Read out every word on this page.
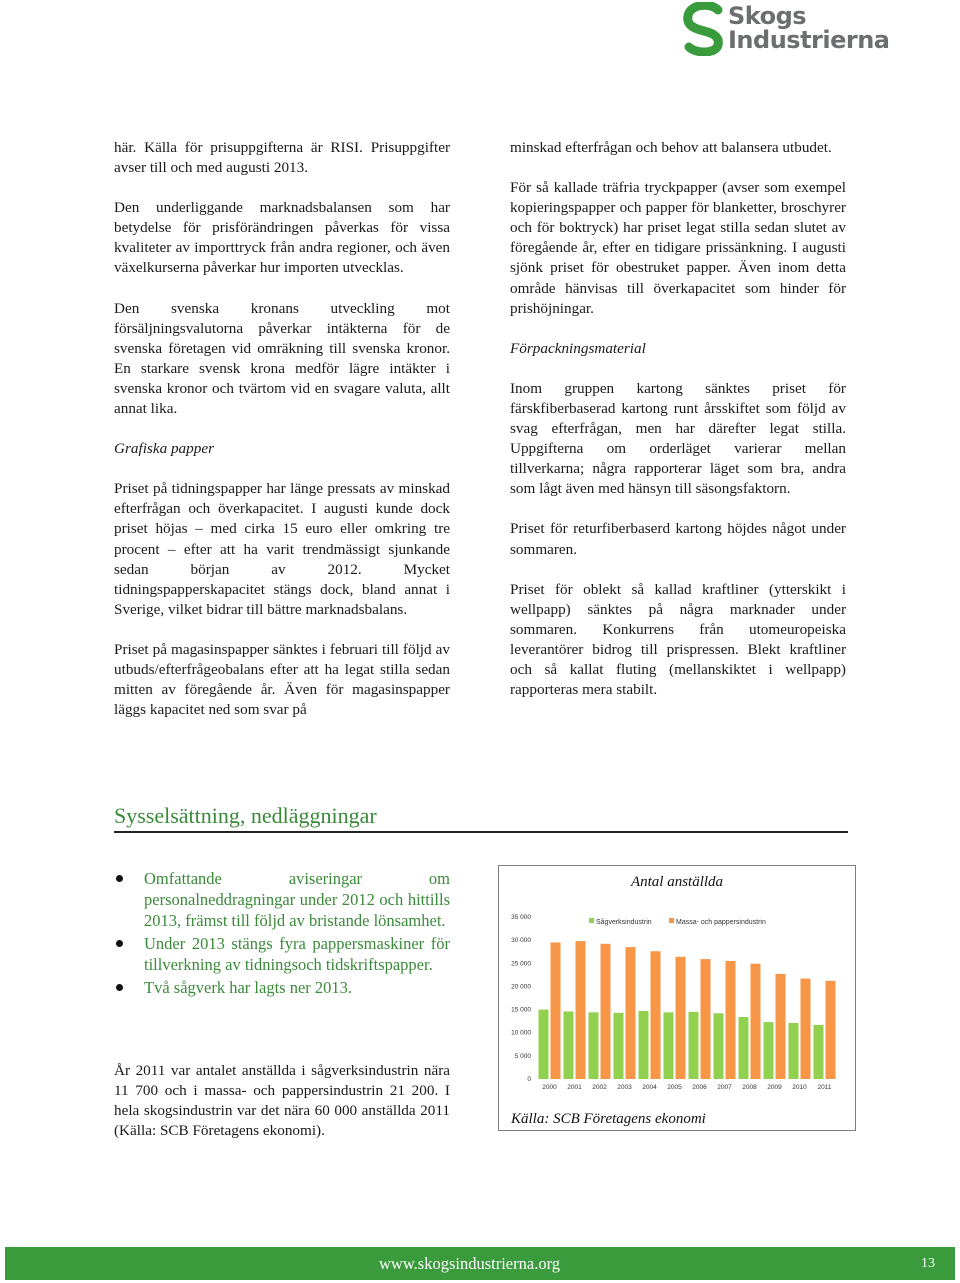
Skogs
Industrierna

här. Källa för prisuppgifterna är RISI. Prisuppgifter avser till och med augusti 2013.

Den underliggande marknadsbalansen som har betydelse för prisförändringen påverkas för vissa kvaliteter av importtryck från andra regioner, och även växelkurserna påverkar hur importen utvecklas.

Den svenska kronans utveckling mot försäljningsvalutorna påverkar intäkterna för de svenska företagen vid omräkning till svenska kronor. En starkare svensk krona medför lägre intäkter i svenska kronor och tvärtom vid en svagare valuta, allt annat lika.

Grafiska papper

Priset på tidningspapper har länge pressats av minskad efterfrågan och överkapacitet. I augusti kunde dock priset höjas – med cirka 15 euro eller omkring tre procent – efter att ha varit trendmässigt sjunkande sedan början av 2012. Mycket tidningspapperskapacitet stängs dock, bland annat i Sverige, vilket bidrar till bättre marknadsbalans.

Priset på magasinspapper sänktes i februari till följd av utbuds/efterfrågeobalans efter att ha legat stilla sedan mitten av föregående år. Även för magasinspapper läggs kapacitet ned som svar på

minskad efterfrågan och behov att balansera utbudet.

För så kallade träfria tryckpapper (avser som exempel kopieringspapper och papper för blanketter, broschyrer och för boktryck) har priset legat stilla sedan slutet av föregående år, efter en tidigare prissänkning. I augusti sjönk priset för obestruket papper. Även inom detta område hänvisas till överkapacitet som hinder för prishöjningar.

Förpackningsmaterial

Inom gruppen kartong sänktes priset för färskfiberbaserad kartong runt årsskiftet som följd av svag efterfrågan, men har därefter legat stilla. Uppgifterna om orderläget varierar mellan tillverkarna; några rapporterar läget som bra, andra som lågt även med hänsyn till säsongsfaktorn.

Priset för returfiberbaserd kartong höjdes något under sommaren.

Priset för oblekt så kallad kraftliner (ytterskikt i wellpapp) sänktes på några marknader under sommaren. Konkurrens från utomeuropeiska leverantörer bidrog till prispressen. Blekt kraftliner och så kallat fluting (mellanskiktet i wellpapp) rapporteras mera stabilt.

Sysselsättning, nedläggningar
Omfattande aviseringar om personalneddragningar under 2012 och hittills 2013, främst till följd av bristande lönsamhet.
Under 2013 stängs fyra pappersmaskiner för tillverkning av tidningsoch tidskriftspapper.
Två sågverk har lagts ner 2013.
År 2011 var antalet anställda i sågverksindustrin nära 11 700 och i massa- och pappersindustrin 21 200. I hela skogsindustrin var det nära 60 000 anställda 2011 (Källa: SCB Företagens ekonomi).
Antal anställda
0
5 000
10 000
15 000
20 000
25 000
30 000
35 000
2000 2001 2002 2003 2004 2005 2006 2007 2008 2009 2010 2011
Sågverksindustrin	Massa- och pappersindustrin
Källa: SCB Företagens ekonomi
www.skogsindustrierna.org	13
